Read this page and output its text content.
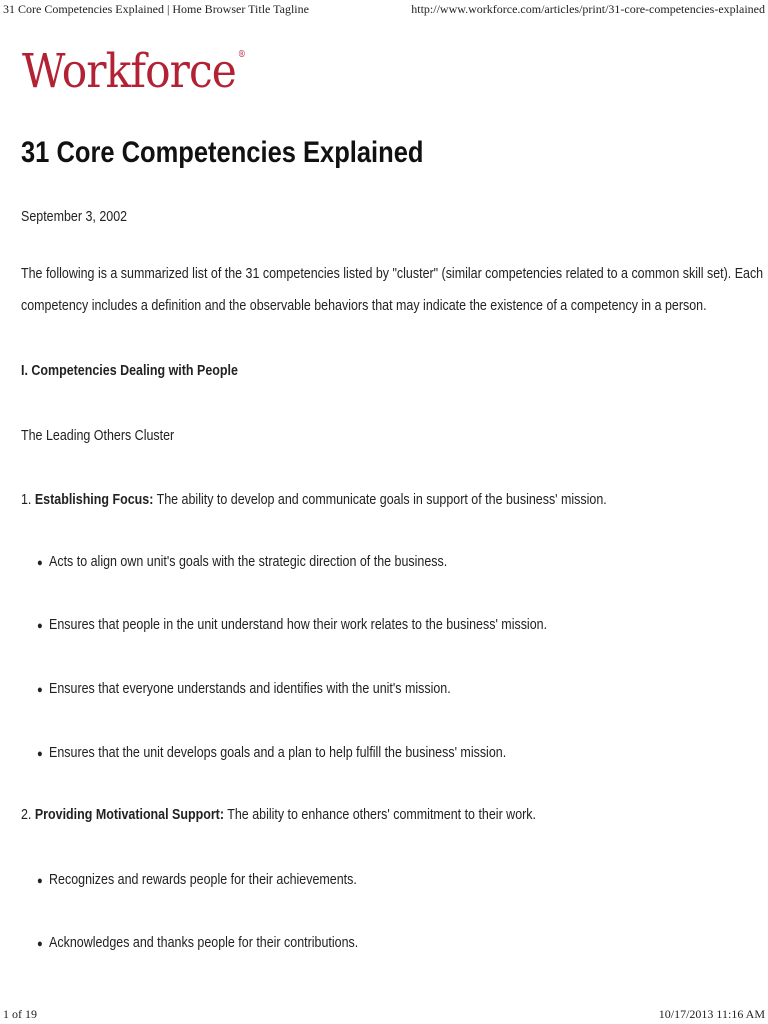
31 Core Competencies Explained | Home Browser Title Tagline	http://www.workforce.com/articles/print/31-core-competencies-explained
Workforce ®
31 Core Competencies Explained
September 3, 2002
The following is a summarized list of the 31 competencies listed by "cluster" (similar competencies related to a common skill set). Each
competency includes a definition and the observable behaviors that may indicate the existence of a competency in a person.
I. Competencies Dealing with People
The Leading Others Cluster
1. Establishing Focus: The ability to develop and communicate goals in support of the business' mission.
● Acts to align own unit's goals with the strategic direction of the business.
● Ensures that people in the unit understand how their work relates to the business' mission.
● Ensures that everyone understands and identifies with the unit's mission.
● Ensures that the unit develops goals and a plan to help fulfill the business' mission.
2. Providing Motivational Support: The ability to enhance others' commitment to their work.
● Recognizes and rewards people for their achievements.
● Acknowledges and thanks people for their contributions.
1 of 19	10/17/2013 11:16 AM
